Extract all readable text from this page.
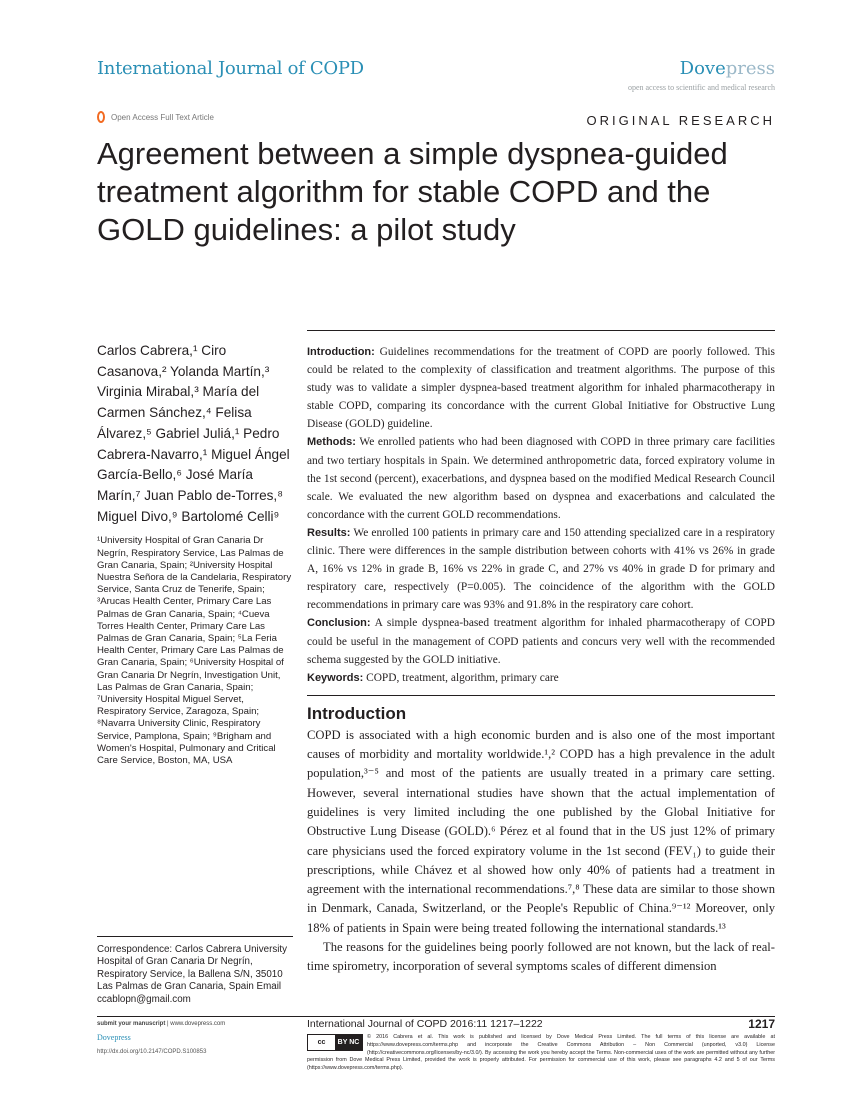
International Journal of COPD	Dovepress
open access to scientific and medical research
Open Access Full Text Article	ORIGINAL RESEARCH
Agreement between a simple dyspnea-guided treatment algorithm for stable COPD and the GOLD guidelines: a pilot study
Carlos Cabrera,¹ Ciro Casanova,² Yolanda Martín,³ Virginia Mirabal,³ María del Carmen Sánchez,⁴ Felisa Álvarez,⁵ Gabriel Juliá,¹ Pedro Cabrera-Navarro,¹ Miguel Ángel García-Bello,⁶ José María Marín,⁷ Juan Pablo de-Torres,⁸ Miguel Divo,⁹ Bartolomé Celli⁹
¹University Hospital of Gran Canaria Dr Negrín, Respiratory Service, Las Palmas de Gran Canaria, Spain; ²University Hospital Nuestra Señora de la Candelaria, Respiratory Service, Santa Cruz de Tenerife, Spain; ³Arucas Health Center, Primary Care Las Palmas de Gran Canaria, Spain; ⁴Cueva Torres Health Center, Primary Care Las Palmas de Gran Canaria, Spain; ⁵La Feria Health Center, Primary Care Las Palmas de Gran Canaria, Spain; ⁶University Hospital of Gran Canaria Dr Negrín, Investigation Unit, Las Palmas de Gran Canaria, Spain; ⁷University Hospital Miguel Servet, Respiratory Service, Zaragoza, Spain; ⁸Navarra University Clinic, Respiratory Service, Pamplona, Spain; ⁹Brigham and Women's Hospital, Pulmonary and Critical Care Service, Boston, MA, USA
Correspondence: Carlos Cabrera University Hospital of Gran Canaria Dr Negrín, Respiratory Service, la Ballena S/N, 35010 Las Palmas de Gran Canaria, Spain Email ccablopn@gmail.com

Introduction: Guidelines recommendations for the treatment of COPD are poorly followed. This could be related to the complexity of classification and treatment algorithms. The purpose of this study was to validate a simpler dyspnea-based treatment algorithm for inhaled pharmacotherapy in stable COPD, comparing its concordance with the current Global Initiative for Obstructive Lung Disease (GOLD) guideline.

Methods: We enrolled patients who had been diagnosed with COPD in three primary care facilities and two tertiary hospitals in Spain. We determined anthropometric data, forced expiratory volume in the 1st second (percent), exacerbations, and dyspnea based on the modified Medical Research Council scale. We evaluated the new algorithm based on dyspnea and exacerbations and calculated the concordance with the current GOLD recommendations.

Results: We enrolled 100 patients in primary care and 150 attending specialized care in a respiratory clinic. There were differences in the sample distribution between cohorts with 41% vs 26% in grade A, 16% vs 12% in grade B, 16% vs 22% in grade C, and 27% vs 40% in grade D for primary and respiratory care, respectively (P=0.005). The coincidence of the algorithm with the GOLD recommendations in primary care was 93% and 91.8% in the respiratory care cohort.

Conclusion: A simple dyspnea-based treatment algorithm for inhaled pharmacotherapy of COPD could be useful in the management of COPD patients and concurs very well with the recommended schema suggested by the GOLD initiative.

Keywords: COPD, treatment, algorithm, primary care

Introduction

COPD is associated with a high economic burden and is also one of the most important causes of morbidity and mortality worldwide.¹,² COPD has a high prevalence in the adult population,³⁻⁵ and most of the patients are usually treated in a primary care setting. However, several international studies have shown that the actual implementation of guidelines is very limited including the one published by the Global Initiative for Obstructive Lung Disease (GOLD).⁶ Pérez et al found that in the US just 12% of primary care physicians used the forced expiratory volume in the 1st second (FEV₁) to guide their prescriptions, while Chávez et al showed how only 40% of patients had a treatment in agreement with the international recommendations.⁷,⁸ These data are similar to those shown in Denmark, Canada, Switzerland, or the People's Republic of China.⁹⁻¹² Moreover, only 18% of patients in Spain were being treated following the international standards.¹³

The reasons for the guidelines being poorly followed are not known, but the lack of real-time spirometry, incorporation of several symptoms scales of different dimension

submit your manuscript | www.dovepress.com
Dovepress
http://dx.doi.org/10.2147/COPD.S100853
International Journal of COPD 2016:11 1217–1222	1217
cc	BY NC
© 2016 Cabrera et al. This work is published and licensed by Dove Medical Press Limited. The full terms of this license are available at https://www.dovepress.com/terms.php and incorporate the Creative Commons Attribution – Non Commercial (unported, v3.0) License (http://creativecommons.org/licenses/by-nc/3.0/). By accessing the work you hereby accept the Terms. Non-commercial uses of the work are permitted without any further permission from Dove Medical Press Limited, provided the work is properly attributed. For permission for commercial use of this work, please see paragraphs 4.2 and 5 of our Terms (https://www.dovepress.com/terms.php).
